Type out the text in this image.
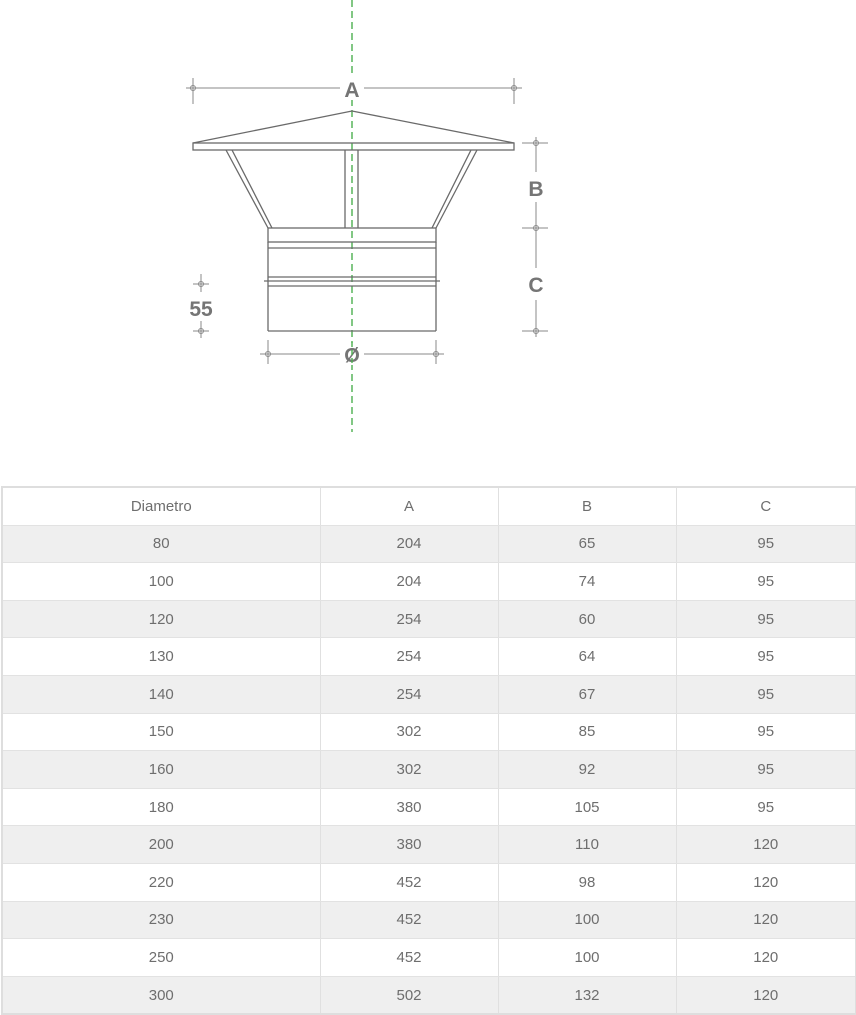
A
B
C
55
Ø
Diametro	A	B	C
80	204	65	95
100	204	74	95
120	254	60	95
130	254	64	95
140	254	67	95
150	302	85	95
160	302	92	95
180	380	105	95
200	380	110	120
220	452	98	120
230	452	100	120
250	452	100	120
300	502	132	120
